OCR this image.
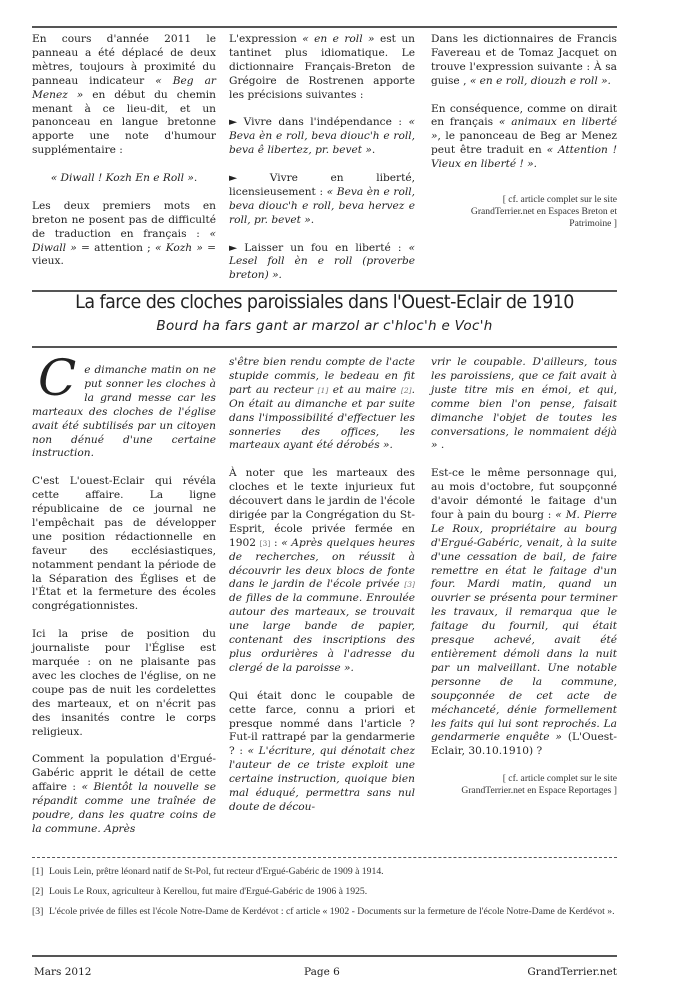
En cours d'année 2011 le panneau a été déplacé de deux mètres, toujours à proximité du panneau indicateur « Beg ar Menez » en début du chemin menant à ce lieu-dit, et un panonceau en langue bretonne apporte une note d'humour supplémentaire :

« Diwall ! Kozh En e Roll ».

Les deux premiers mots en breton ne posent pas de difficulté de traduction en français : « Diwall » = attention ; « Kozh » = vieux.

L'expression « en e roll » est un tantinet plus idiomatique. Le dictionnaire Français-Breton de Grégoire de Rostrenen apporte les précisions suivantes :

► Vivre dans l'indépendance : « Beva èn e roll, beva diouc'h e roll, beva ê libertez, pr. bevet ».

► Vivre en liberté, licensieusement : « Beva èn e roll, beva diouc'h e roll, beva hervez e roll, pr. bevet ».

► Laisser un fou en liberté : « Lesel foll èn e roll (proverbe breton) ».

Dans les dictionnaires de Francis Favereau et de Tomaz Jacquet on trouve l'expression suivante : À sa guise , « en e roll, diouzh e roll ».

En conséquence, comme on dirait en français « animaux en liberté », le panonceau de Beg ar Menez peut être traduit en « Attention ! Vieux en liberté ! ».

[ cf. article complet sur le site GrandTerrier.net en Espaces Breton et Patrimoine ]
La farce des cloches paroissiales dans l'Ouest-Eclair de 1910
Bourd ha fars gant ar marzol ar c'hloc'h e Voc'h

C e dimanche matin on ne put sonner les cloches à la grand messe car les marteaux des cloches de l'église avait été subtilisés par un citoyen non dénué d'une certaine instruction.

C'est L'ouest-Eclair qui révéla cette affaire. La ligne républicaine de ce journal ne l'empêchait pas de développer une position rédactionnelle en faveur des ecclésiastiques, notamment pendant la période de la Séparation des Églises et de l'État et la fermeture des écoles congrégationnistes.

Ici la prise de position du journaliste pour l'Église est marquée : on ne plaisante pas avec les cloches de l'église, on ne coupe pas de nuit les cordelettes des marteaux, et on n'écrit pas des insanités contre le corps religieux.

Comment la population d'Ergué-Gabéric apprit le détail de cette affaire : « Bientôt la nouvelle se répandit comme une traînée de poudre, dans les quatre coins de la commune. Après

s'être bien rendu compte de l'acte stupide commis, le bedeau en fit part au recteur [1] et au maire [2]. On était au dimanche et par suite dans l'impossibilité d'effectuer les sonneries des offices, les marteaux ayant été dérobés ».

À noter que les marteaux des cloches et le texte injurieux fut découvert dans le jardin de l'école dirigée par la Congrégation du St-Esprit, école privée fermée en 1902 [3] : « Après quelques heures de recherches, on réussit à découvrir les deux blocs de fonte dans le jardin de l'école privée [3] de filles de la commune. Enroulée autour des marteaux, se trouvait une large bande de papier, contenant des inscriptions des plus ordurières à l'adresse du clergé de la paroisse ».

Qui était donc le coupable de cette farce, connu a priori et presque nommé dans l'article ? Fut-il rattrapé par la gendarmerie ? : « L'écriture, qui dénotait chez l'auteur de ce triste exploit une certaine instruction, quoique bien mal éduqué, permettra sans nul doute de décou-

vrir le coupable. D'ailleurs, tous les paroissiens, que ce fait avait à juste titre mis en émoi, et qui, comme bien l'on pense, faisait dimanche l'objet de toutes les conversations, le nommaient déjà » .

Est-ce le même personnage qui, au mois d'octobre, fut soupçonné d'avoir démonté le faitage d'un four à pain du bourg : « M. Pierre Le Roux, propriétaire au bourg d'Ergué-Gabéric, venait, à la suite d'une cessation de bail, de faire remettre en état le faitage d'un four. Mardi matin, quand un ouvrier se présenta pour terminer les travaux, il remarqua que le faitage du fournil, qui était presque achevé, avait été entièrement démoli dans la nuit par un malveillant. Une notable personne de la commune, soupçonnée de cet acte de méchanceté, dénie formellement les faits qui lui sont reprochés. La gendarmerie enquête » (L'Ouest-Eclair, 30.10.1910) ?

[ cf. article complet sur le site GrandTerrier.net en Espace Reportages ]
[1] Louis Lein, prêtre léonard natif de St-Pol, fut recteur d'Ergué-Gabéric de 1909 à 1914.
[2] Louis Le Roux, agriculteur à Kerellou, fut maire d'Ergué-Gabéric de 1906 à 1925.
[3] L'école privée de filles est l'école Notre-Dame de Kerdévot : cf article « 1902 - Documents sur la fermeture de l'école Notre-Dame de Kerdévot ».
Mars 2012	Page 6	GrandTerrier.net
